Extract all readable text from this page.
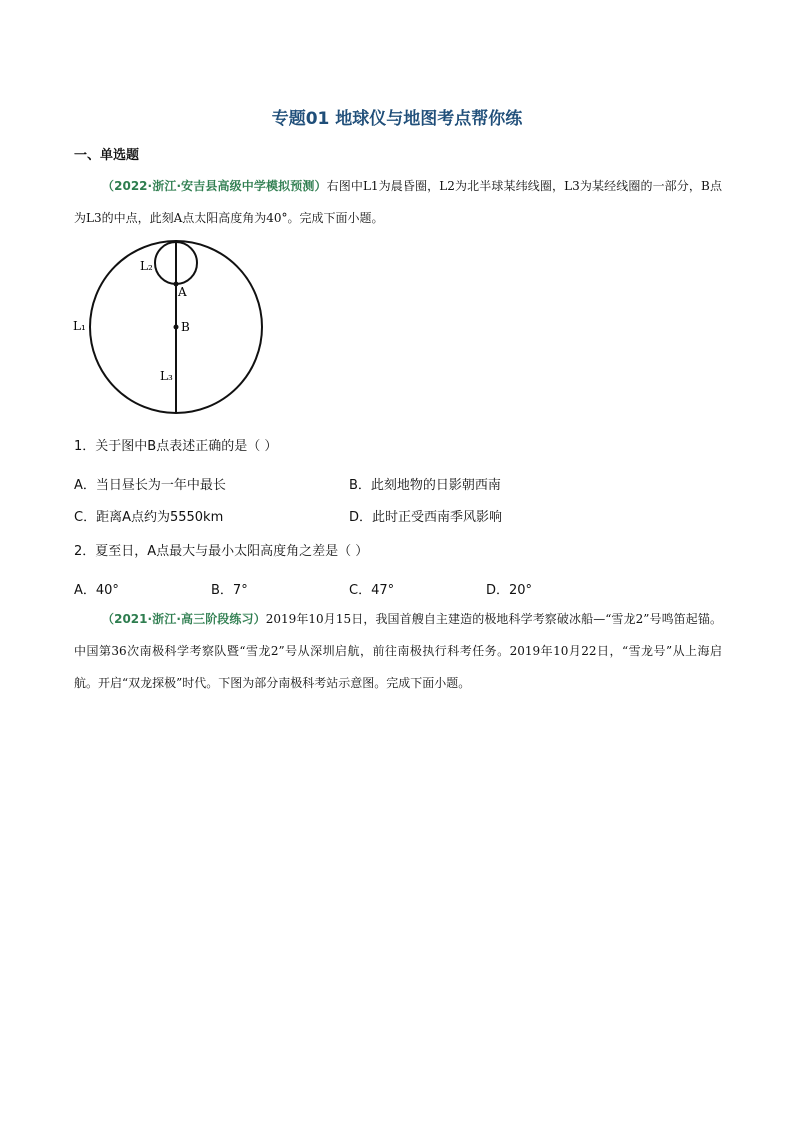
专题01 地球仪与地图考点帮你练
一、单选题
（2022·浙江·安吉县高级中学模拟预测）右图中L1为晨昏圈，L2为北半球某纬线圈，L3为某经线圈的一部分，B点为L3的中点，此刻A点太阳高度角为40°。完成下面小题。
L₂
A
B
L₁
L₃
1．关于图中B点表述正确的是（ ）
A．当日昼长为一年中最长	B．此刻地物的日影朝西南
C．距离A点约为5550km	D．此时正受西南季风影响
2．夏至日，A点最大与最小太阳高度角之差是（ ）
A．40°	B．7°	C．47°	D．20°
（2021·浙江·高三阶段练习）2019年10月15日，我国首艘自主建造的极地科学考察破冰船—“雪龙2”号鸣笛起锚。中国第36次南极科学考察队暨“雪龙2”号从深圳启航，前往南极执行科考任务。2019年10月22日，“雪龙号”从上海启航。开启“双龙探极”时代。下图为部分南极科考站示意图。完成下面小题。
